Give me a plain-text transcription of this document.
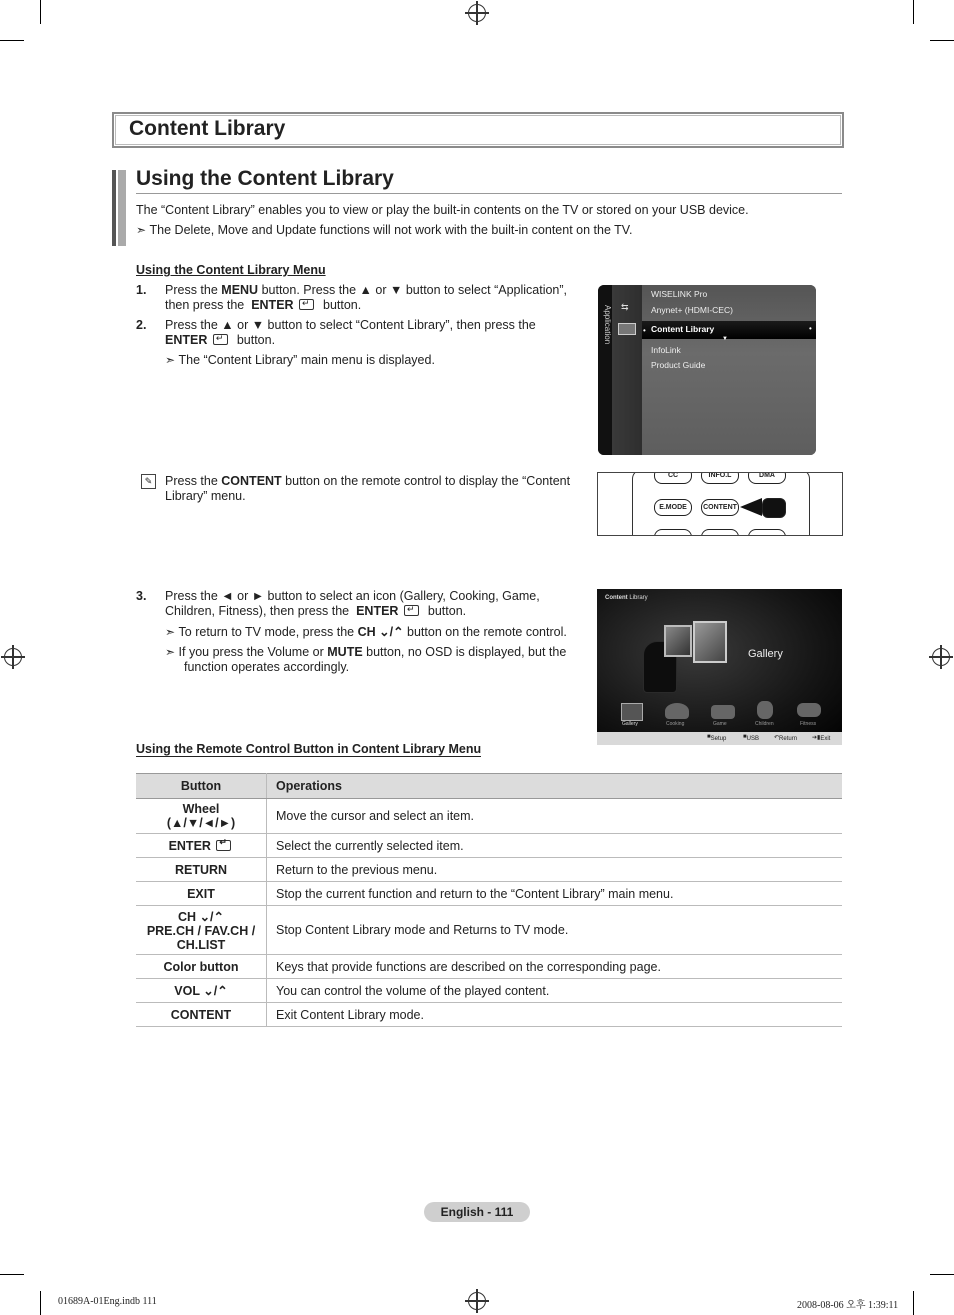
Content Library
Using the Content Library
The “Content Library” enables you to view or play the built-in contents on the TV or stored on your USB device.
➣ The Delete, Move and Update functions will not work with the built-in content on the TV.
Using the Content Library Menu
1. Press the MENU button. Press the ▲ or ▼ button to select “Application”,
then press the  ENTER ↵  button.
2. Press the ▲ or ▼ button to select “Content Library”, then press the
ENTER ↵  button.
➣ The “Content Library” main menu is displayed.
Application ⇆
WISELINK Pro
Anynet+ (HDMI-CEC)
Content Library
InfoLink
Product Guide
•	•
▼
✎ Press the CONTENT button on the remote control to display the “Content
Library” menu.
CC	INFO.L	DMA
E.MODE	CONTENT
3. Press the ◄ or ► button to select an icon (Gallery, Cooking, Game,
Children, Fitness), then press the  ENTER ↵  button.
➣ To return to TV mode, press the CH ⌄/⌃ button on the remote control.
➣ If you press the Volume or MUTE button, no OSD is displayed, but the
function operates accordingly.
Content Library
Gallery
Gallery	Cooking	Game	Children	Fitness
■ Setup	■ USB	↶ Return ➔▮ Exit
Using the Remote Control Button in Content Library Menu
Button	Operations
Wheel
(▲/▼/◄/►)	Move the cursor and select an item.
ENTER ↵	Select the currently selected item.
RETURN	Return to the previous menu.
EXIT	Stop the current function and return to the “Content Library” main menu.
CH ⌄/⌃
PRE.CH / FAV.CH /
CH.LIST	Stop Content Library mode and Returns to TV mode.
Color button	Keys that provide functions are described on the corresponding page.
VOL ⌄/⌃	You can control the volume of the played content.
CONTENT	Exit Content Library mode.
English - 111
01689A-01Eng.indb 111	2008-08-06 오후 1:39:11
